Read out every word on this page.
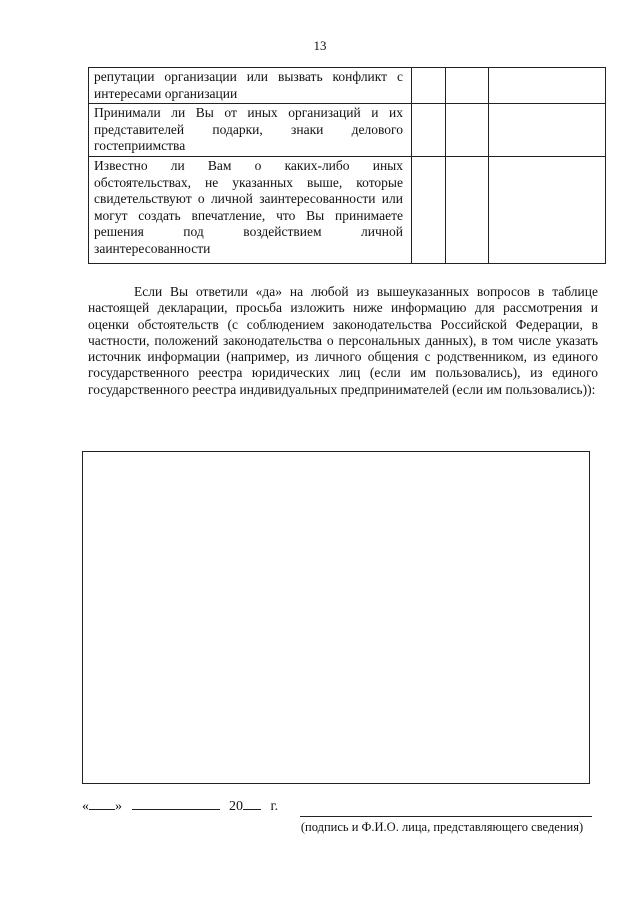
13
репутации организации или вызвать конфликт с интересами организации			
Принимали ли Вы от иных организаций и их представителей подарки, знаки делового гостеприимства			
Известно ли Вам о каких-либо иных обстоятельствах, не указанных выше, которые свидетельствуют о личной заинтересованности или могут создать впечатление, что Вы принимаете решения под воздействием личной заинтересованности			
Если Вы ответили «да» на любой из вышеуказанных вопросов в таблице настоящей декларации, просьба изложить ниже информацию для рассмотрения и оценки обстоятельств (с соблюдением законодательства Российской Федерации, в частности, положений законодательства о персональных данных), в том числе указать источник информации (например, из личного общения с родственником, из единого государственного реестра юридических лиц (если им пользовались), из единого государственного реестра индивидуальных предпринимателей (если им пользовались)):
« »	20 г.
(подпись и Ф.И.О. лица, представляющего сведения)
